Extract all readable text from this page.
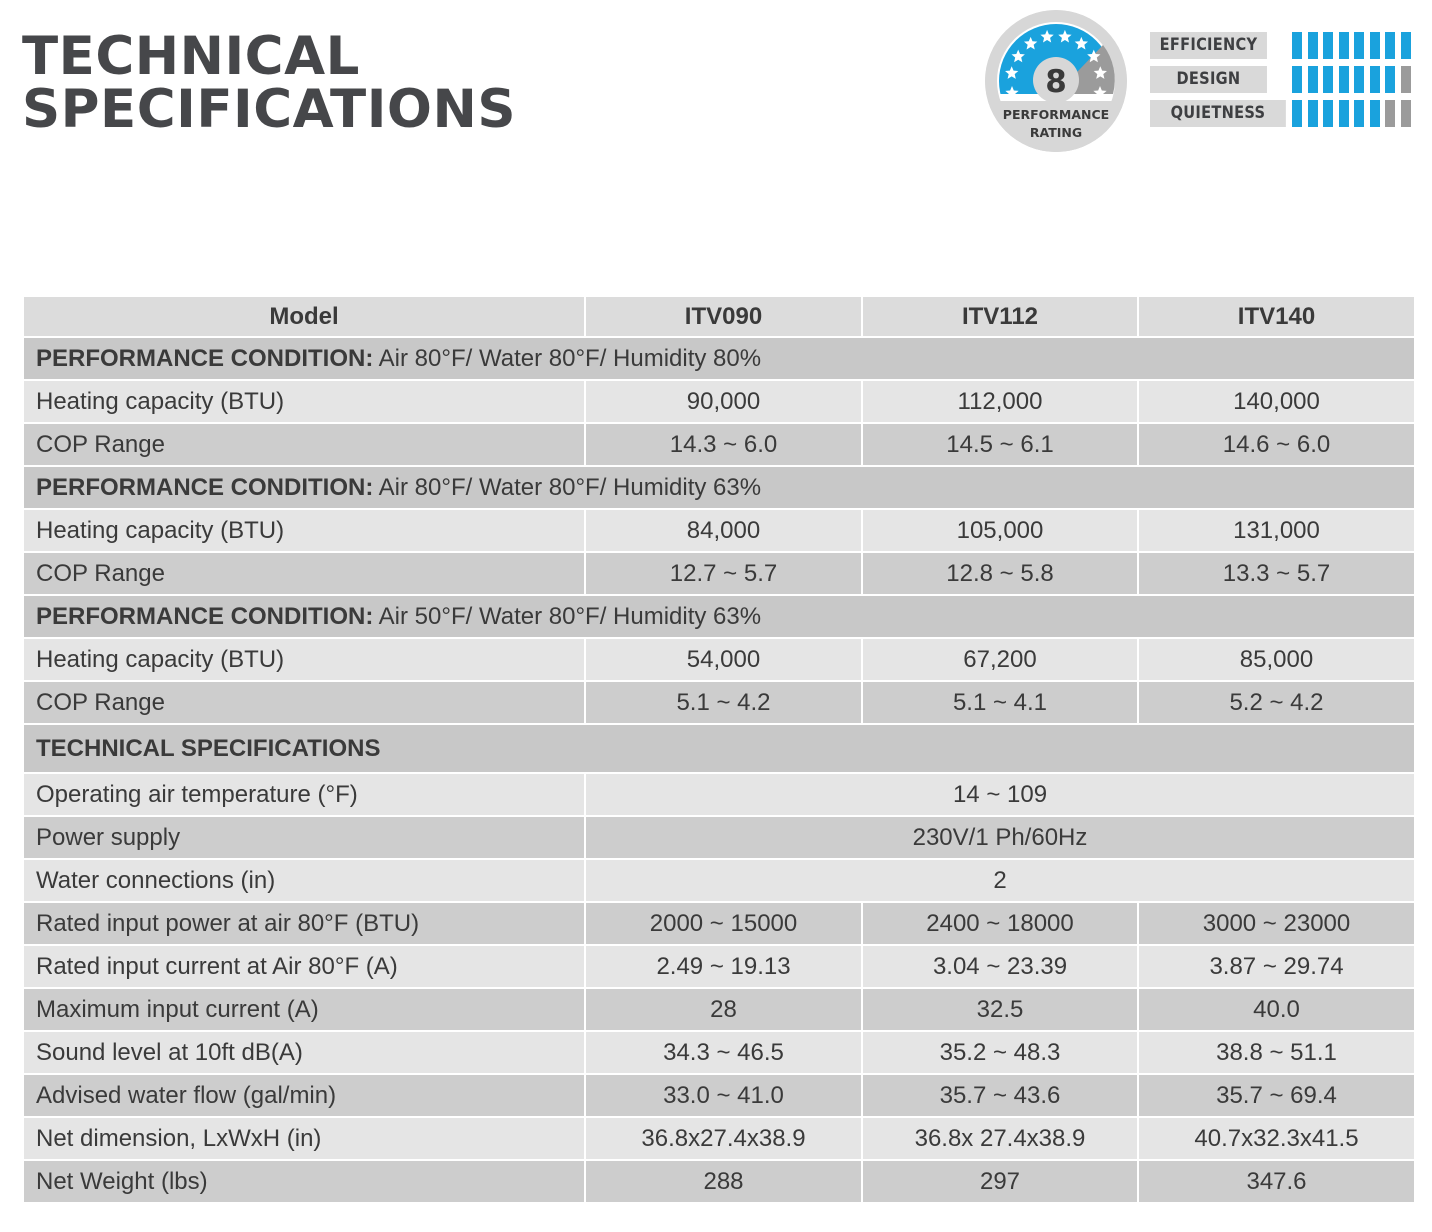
TECHNICAL
SPECIFICATIONS	8
PERFORMANCE
RATING
EFFICIENCY
DESIGN
QUIETNESS
Model	ITV090	ITV112	ITV140
PERFORMANCE CONDITION: Air 80°F/ Water 80°F/ Humidity 80%			
Heating capacity (BTU)	90,000	112,000	140,000
COP Range	14.3 ~ 6.0	14.5 ~ 6.1	14.6 ~ 6.0
PERFORMANCE CONDITION: Air 80°F/ Water 80°F/ Humidity 63%			
Heating capacity (BTU)	84,000	105,000	131,000
COP Range	12.7 ~ 5.7	12.8 ~ 5.8	13.3 ~ 5.7
PERFORMANCE CONDITION: Air 50°F/ Water 80°F/ Humidity 63%			
Heating capacity (BTU)	54,000	67,200	85,000
COP Range	5.1 ~ 4.2	5.1 ~ 4.1	5.2 ~ 4.2
TECHNICAL SPECIFICATIONS			
Operating air temperature (°F)	14 ~ 109		
Power supply	230V/1 Ph/60Hz		
Water connections (in)	2		
Rated input power at air 80°F (BTU)	2000 ~ 15000	2400 ~ 18000	3000 ~ 23000
Rated input current at Air 80°F (A)	2.49 ~ 19.13	3.04 ~ 23.39	3.87 ~ 29.74
Maximum input current (A)	28	32.5	40.0
Sound level at 10ft dB(A)	34.3 ~ 46.5	35.2 ~ 48.3	38.8 ~ 51.1
Advised water flow (gal/min)	33.0 ~ 41.0	35.7 ~ 43.6	35.7 ~ 69.4
Net dimension, LxWxH (in)	36.8x27.4x38.9	36.8x 27.4x38.9	40.7x32.3x41.5
Net Weight (lbs)	288	297	347.6
